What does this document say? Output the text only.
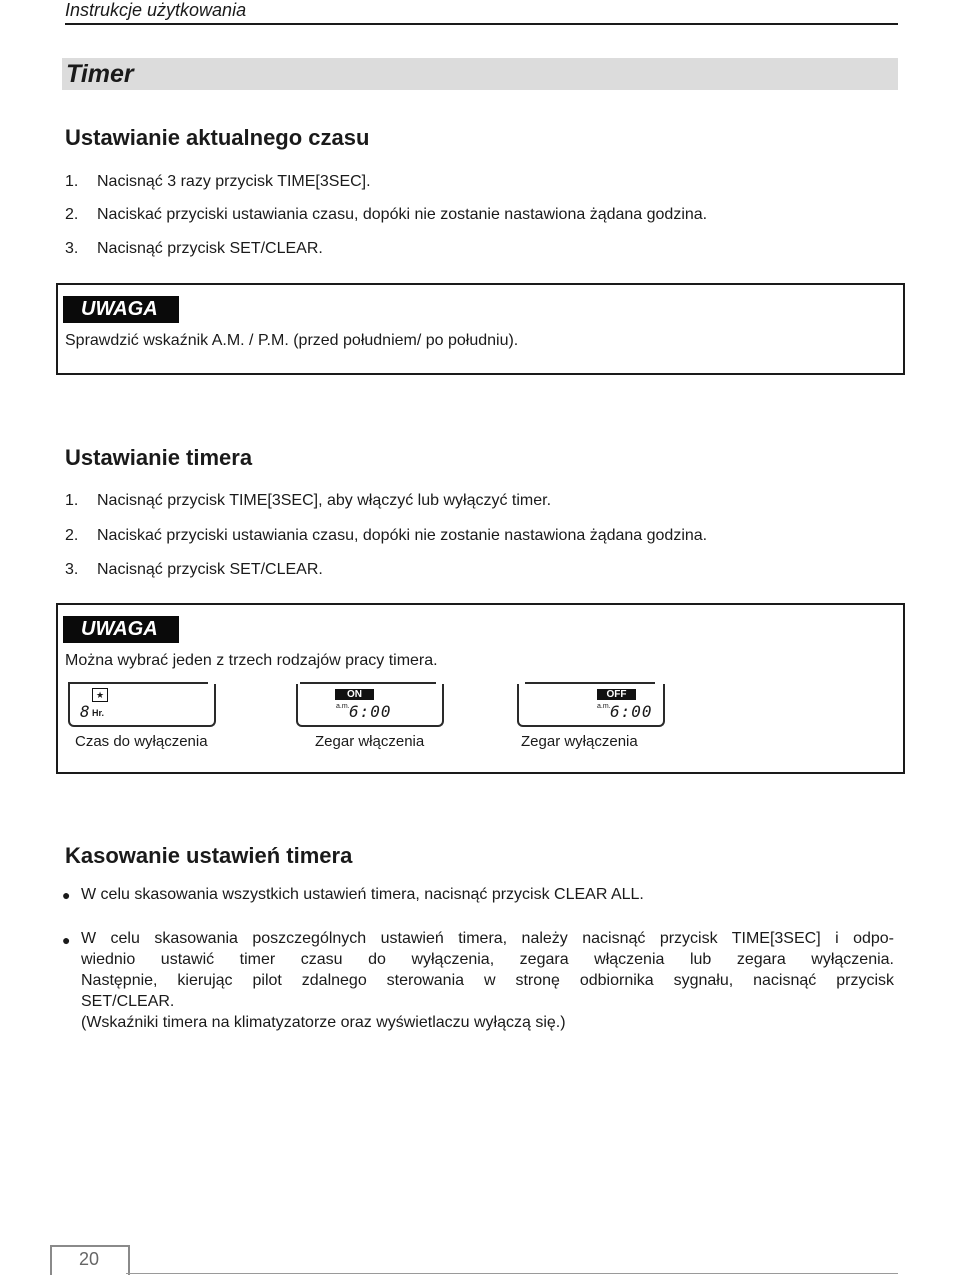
Instrukcje użytkowania
Timer
Ustawianie aktualnego czasu
1. Nacisnąć 3 razy przycisk TIME[3SEC].
2. Naciskać przyciski ustawiania czasu, dopóki nie zostanie nastawiona żądana godzina.
3. Nacisnąć przycisk SET/CLEAR.
UWAGA
Sprawdzić wskaźnik A.M. / P.M. (przed południem/ po południu).
Ustawianie timera
1. Nacisnąć przycisk TIME[3SEC], aby włączyć lub wyłączyć timer.
2. Naciskać przyciski ustawiania czasu, dopóki nie zostanie nastawiona żądana godzina.
3. Nacisnąć przycisk SET/CLEAR.
UWAGA
Można wybrać jeden z trzech rodzajów pracy timera.
★
8 Hr.
Czas do wyłączenia
ON
a.m. 6:00
Zegar włączenia
OFF
a.m. 6:00
Zegar wyłączenia
Kasowanie ustawień timera
● W celu skasowania wszystkich ustawień timera, nacisnąć przycisk CLEAR ALL.
● W celu skasowania poszczególnych ustawień timera, należy nacisnąć przycisk TIME[3SEC] i odpo-
wiednio ustawić timer czasu do wyłączenia, zegara włączenia lub zegara wyłączenia.
Następnie, kierując pilot zdalnego sterowania w stronę odbiornika sygnału, nacisnąć przycisk
SET/CLEAR.
(Wskaźniki timera na klimatyzatorze oraz wyświetlaczu wyłączą się.)
20
